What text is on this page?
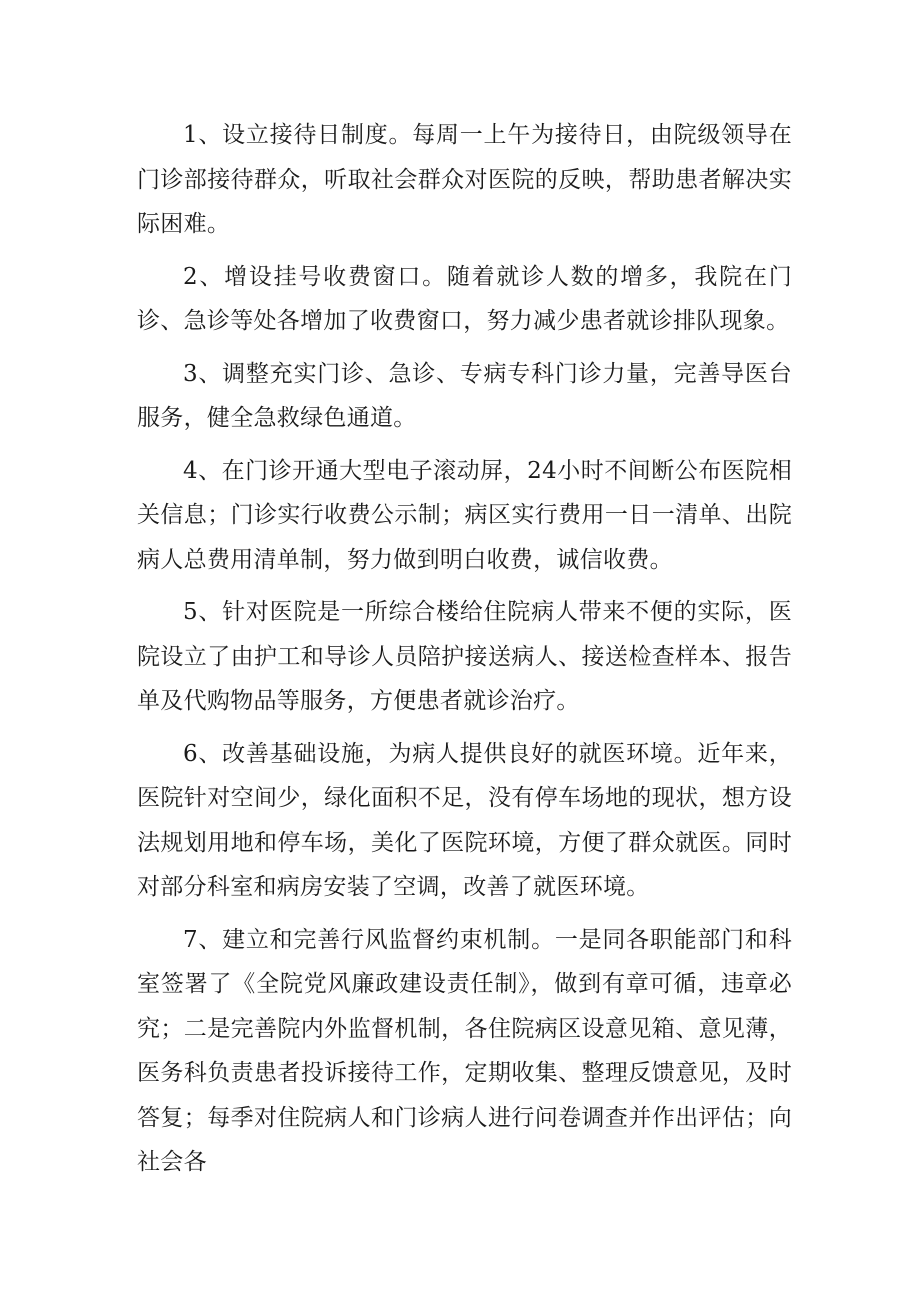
1、设立接待日制度。每周一上午为接待日，由院级领导在门诊部接待群众，听取社会群众对医院的反映，帮助患者解决实际困难。

2、增设挂号收费窗口。随着就诊人数的增多，我院在门诊、急诊等处各增加了收费窗口，努力减少患者就诊排队现象。

3、调整充实门诊、急诊、专病专科门诊力量，完善导医台服务，健全急救绿色通道。

4、在门诊开通大型电子滚动屏，24小时不间断公布医院相关信息；门诊实行收费公示制；病区实行费用一日一清单、出院病人总费用清单制，努力做到明白收费，诚信收费。

5、针对医院是一所综合楼给住院病人带来不便的实际，医院设立了由护工和导诊人员陪护接送病人、接送检查样本、报告单及代购物品等服务，方便患者就诊治疗。

6、改善基础设施，为病人提供良好的就医环境。近年来，医院针对空间少，绿化面积不足，没有停车场地的现状，想方设法规划用地和停车场，美化了医院环境，方便了群众就医。同时对部分科室和病房安装了空调，改善了就医环境。

7、建立和完善行风监督约束机制。一是同各职能部门和科室签署了《全院党风廉政建设责任制》，做到有章可循，违章必究；二是完善院内外监督机制，各住院病区设意见箱、意见薄，医务科负责患者投诉接待工作，定期收集、整理反馈意见，及时答复；每季对住院病人和门诊病人进行问卷调查并作出评估；向社会各
